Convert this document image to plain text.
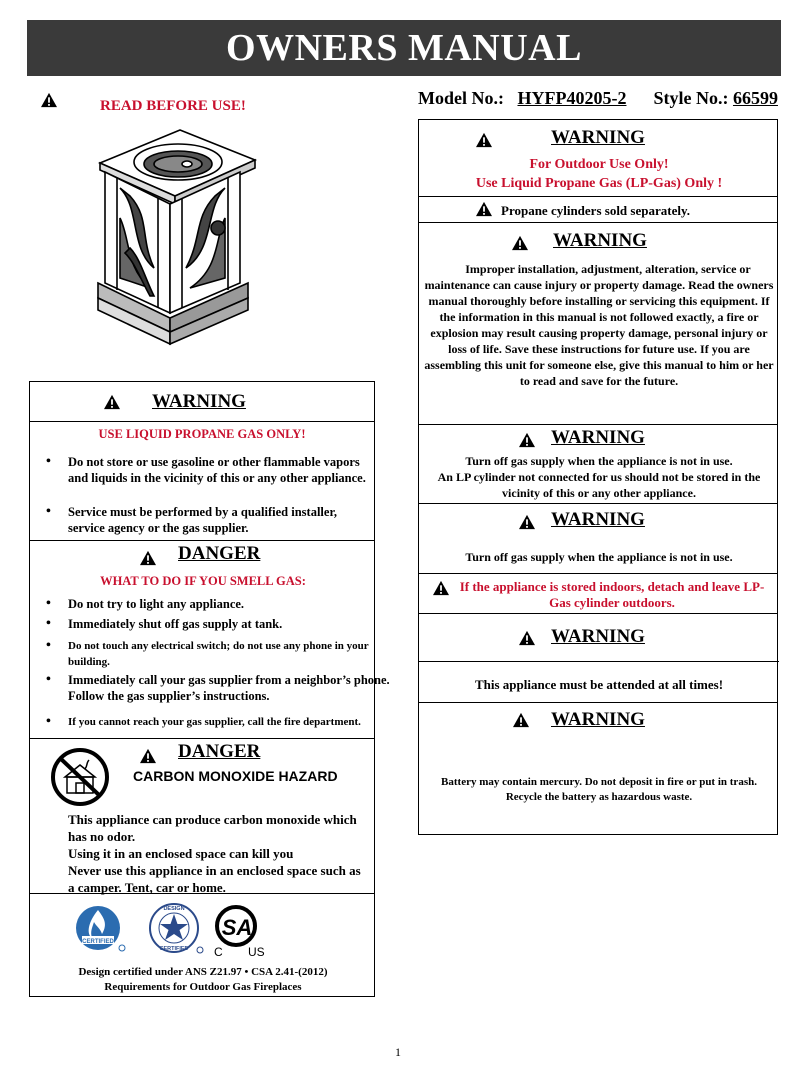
OWNERS MANUAL
READ BEFORE USE!	Model No.: HYFP40205-2 Style No.: 66599
WARNING
USE LIQUID PROPANE GAS ONLY!
• Do not store or use gasoline or other flammable vapors and liquids in the vicinity of this or any other appliance.
• Service must be performed by a qualified installer, service agency or the gas supplier.
DANGER
WHAT TO DO IF YOU SMELL GAS:
• Do not try to light any appliance.
• Immediately shut off gas supply at tank.
• Do not touch any electrical switch; do not use any phone in your building.
• Immediately call your gas supplier from a neighbor’s phone. Follow the gas supplier’s instructions.
• If you cannot reach your gas supplier, call the fire department.
DANGER
CARBON MONOXIDE HAZARD
This appliance can produce carbon monoxide which has no odor.
Using it in an enclosed space can kill you
Never use this appliance in an enclosed space such as a camper. Tent, car or home.
CERTIFIED
DESIGN
CERTIFIED
SA
C US
Design certified under ANS Z21.97 • CSA 2.41-(2012)
Requirements for Outdoor Gas Fireplaces
WARNING
For Outdoor Use Only!
Use Liquid Propane Gas (LP-Gas) Only !
Propane cylinders sold separately.
WARNING
Improper installation, adjustment, alteration, service or maintenance can cause injury or property damage. Read the owners manual thoroughly before installing or servicing this equipment. If the information in this manual is not followed exactly, a fire or explosion may result causing property damage, personal injury or loss of life. Save these instructions for future use. If you are assembling this unit for someone else, give this manual to him or her to read and save for the future.
WARNING
Turn off gas supply when the appliance is not in use.
An LP cylinder not connected for us should not be stored in the vicinity of this or any other appliance.
WARNING
Turn off gas supply when the appliance is not in use.
If the appliance is stored indoors, detach and leave LP-Gas cylinder outdoors.
WARNING
This appliance must be attended at all times!
WARNING
Battery may contain mercury. Do not deposit in fire or put in trash.
Recycle the battery as hazardous waste.
1
